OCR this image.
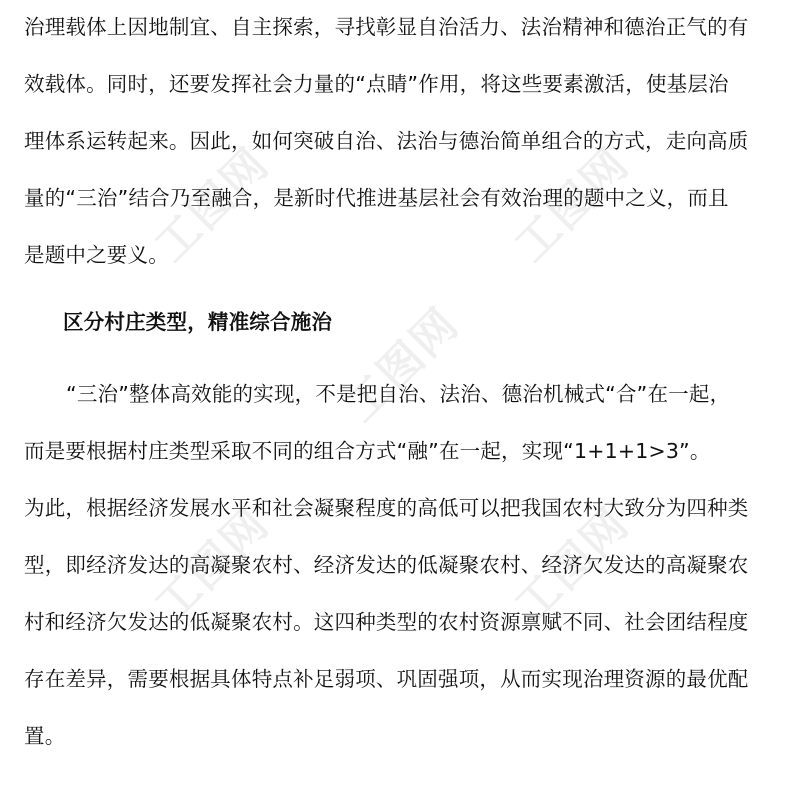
工图网	工图网
工图网
工图网	工图网
治理载体上因地制宜、自主探索，寻找彰显自治活力、法治精神和德治正气的有
效载体。同时，还要发挥社会力量的“点睛”作用，将这些要素激活，使基层治
理体系运转起来。因此，如何突破自治、法治与德治简单组合的方式，走向高质
量的“三治”结合乃至融合，是新时代推进基层社会有效治理的题中之义，而且
是题中之要义。
区分村庄类型，精准综合施治
“三治”整体高效能的实现，不是把自治、法治、德治机械式“合”在一起，
而是要根据村庄类型采取不同的组合方式“融”在一起，实现“1+1+1>3”。
为此，根据经济发展水平和社会凝聚程度的高低可以把我国农村大致分为四种类
型，即经济发达的高凝聚农村、经济发达的低凝聚农村、经济欠发达的高凝聚农
村和经济欠发达的低凝聚农村。这四种类型的农村资源禀赋不同、社会团结程度
存在差异，需要根据具体特点补足弱项、巩固强项，从而实现治理资源的最优配
置。
